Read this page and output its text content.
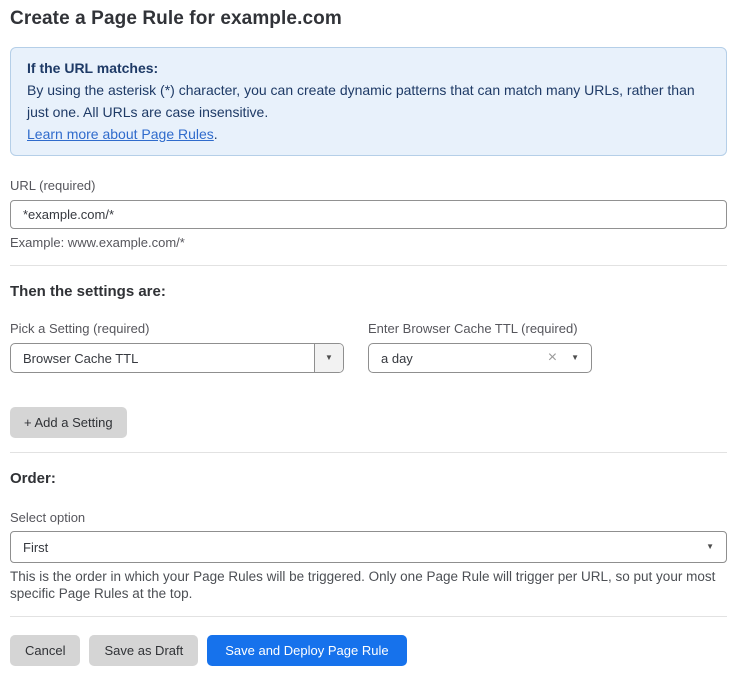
Create a Page Rule for example.com
If the URL matches:
By using the asterisk (*) character, you can create dynamic patterns that can match many URLs, rather than just one. All URLs are case insensitive.
Learn more about Page Rules.
URL (required)
*example.com/*
Example: www.example.com/*
Then the settings are:
Pick a Setting (required)
Browser Cache TTL	▼
Enter Browser Cache TTL (required)
a day	× ▼
+ Add a Setting
Order:
Select option
First	▼
This is the order in which your Page Rules will be triggered. Only one Page Rule will trigger per URL, so put your most specific Page Rules at the top.
Cancel	Save as Draft	Save and Deploy Page Rule
